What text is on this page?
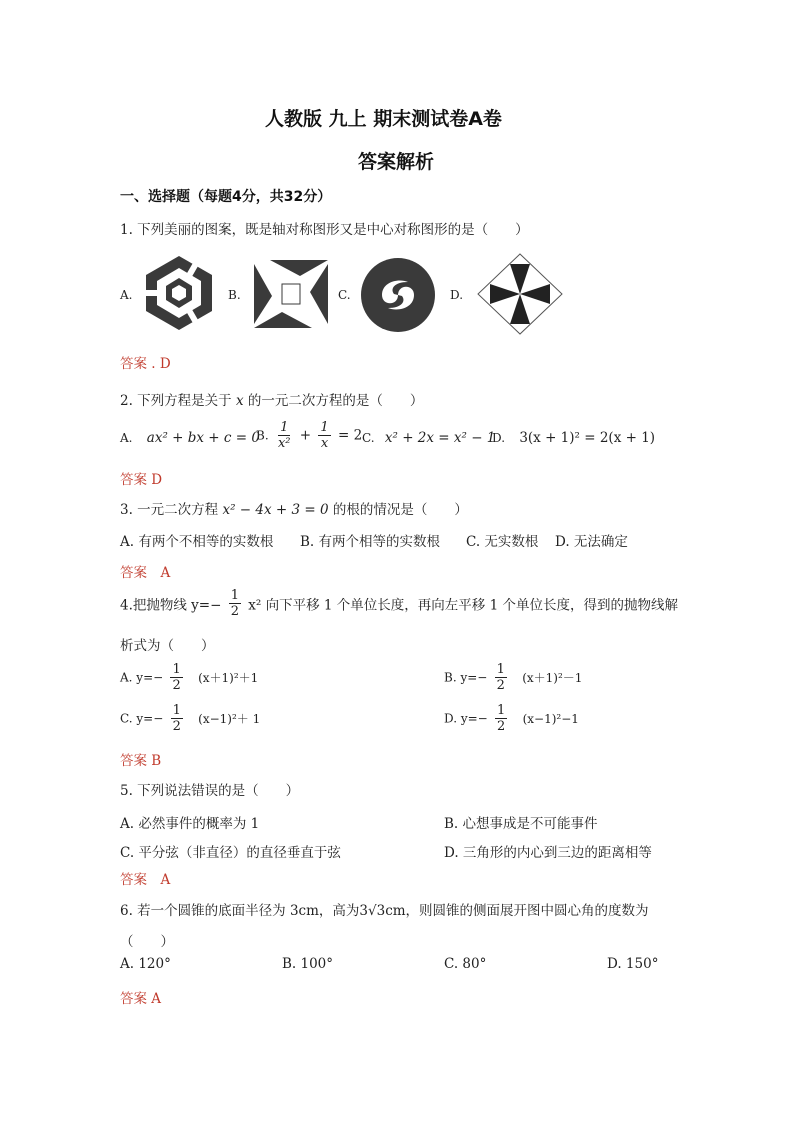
人教版 九上 期末测试卷A卷
答案解析
一、选择题（每题4分，共32分）
1. 下列美丽的图案，既是轴对称图形又是中心对称图形的是（　　）
A.	B.	C.	D.
答案 . D
2. 下列方程是关于 x 的一元二次方程的是（　　）
A. ax² + bx + c = 0
B. $\frac{1}{\text{x²}} + \frac{1}{x} = 2$ C. x² + 2x = x² − 1
D. 3(x + 1)² = 2(x + 1)
答案 D
3. 一元二次方程 x² − 4x + 3 = 0 的根的情况是（　　）
A. 有两个不相等的实数根 B. 有两个相等的实数根 C. 无实数根 D. 无法确定
答案　A
4.把抛物线 $y=- \frac{1}{2} x^2$ 向下平移 1 个单位长度，再向左平移 1 个单位长度，得到的抛物线解
析式为（　　）
A. $y=- \frac{1}{2} (x+1)^2+1$	B. $y=- \frac{1}{2} (x+1)^2-1$
C. $y=- \frac{1}{2} (x-1)^2+ 1$	D. $y=- \frac{1}{2} (x-1)^2-1$
答案 B
5. 下列说法错误的是（　　）
A. 必然事件的概率为 1	B. 心想事成是不可能事件
C. 平分弦（非直径）的直径垂直于弦	D. 三角形的内心到三边的距离相等
答案　A
6. 若一个圆锥的底面半径为 3cm，高为3√3cm，则圆锥的侧面展开图中圆心角的度数为
（　　）
A. 120°	B. 100°	C. 80°	D. 150°
答案 A
